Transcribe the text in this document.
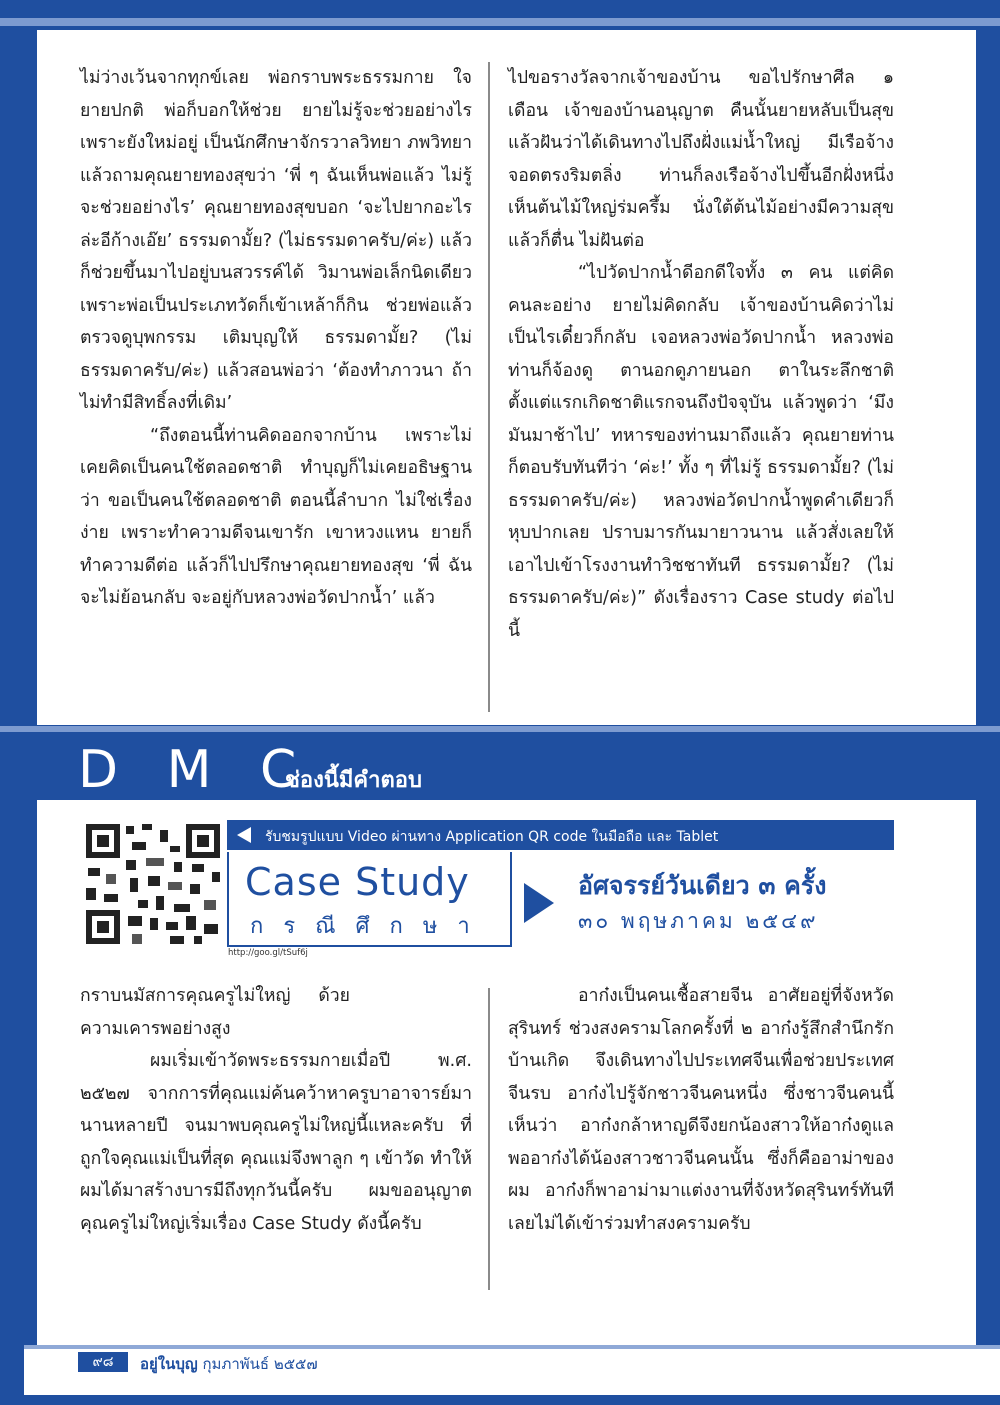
ไม่ว่างเว้นจากทุกข์เลย พ่อกราบพระธรรมกาย ใจยายปกติ พ่อก็บอกให้ช่วย ยายไม่รู้จะช่วยอย่างไรเพราะยังใหม่อยู่ เป็นนักศึกษาจักรวาลวิทยา ภพวิทยา แล้วถามคุณยายทองสุขว่า ‘พี่ ๆ ฉันเห็นพ่อแล้ว ไม่รู้จะช่วยอย่างไร’ คุณยายทองสุขบอก ‘จะไปยากอะไรล่ะอีก้างเอ๊ย’ ธรรมดามั้ย? (ไม่ธรรมดาครับ/ค่ะ) แล้วก็ช่วยขึ้นมาไปอยู่บนสวรรค์ได้ วิมานพ่อเล็กนิดเดียว เพราะพ่อเป็นประเภทวัดก็เข้าเหล้าก็กิน ช่วยพ่อแล้วตรวจดูบุพกรรม เติมบุญให้ ธรรมดามั้ย? (ไม่ธรรมดาครับ/ค่ะ) แล้วสอนพ่อว่า ‘ต้องทำภาวนา ถ้าไม่ทำมีสิทธิ์ลงที่เดิม’

“ถึงตอนนี้ท่านคิดออกจากบ้าน เพราะไม่เคยคิดเป็นคนใช้ตลอดชาติ ทำบุญก็ไม่เคยอธิษฐานว่า ขอเป็นคนใช้ตลอดชาติ ตอนนี้ลำบาก ไม่ใช่เรื่องง่าย เพราะทำความดีจนเขารัก เขาหวงแหน ยายก็ทำความดีต่อ แล้วก็ไปปรึกษาคุณยายทองสุข ‘พี่ ฉันจะไม่ย้อนกลับ จะอยู่กับหลวงพ่อวัดปากน้ำ’ แล้ว

ไปขอรางวัลจากเจ้าของบ้าน ขอไปรักษาศีล ๑ เดือน เจ้าของบ้านอนุญาต คืนนั้นยายหลับเป็นสุข แล้วฝันว่าได้เดินทางไปถึงฝั่งแม่น้ำใหญ่ มีเรือจ้างจอดตรงริมตลิ่ง ท่านก็ลงเรือจ้างไปขึ้นอีกฝั่งหนึ่ง เห็นต้นไม้ใหญ่ร่มครึ้ม นั่งใต้ต้นไม้อย่างมีความสุขแล้วก็ตื่น ไม่ฝันต่อ

“ไปวัดปากน้ำดีอกดีใจทั้ง ๓ คน แต่คิดคนละอย่าง ยายไม่คิดกลับ เจ้าของบ้านคิดว่าไม่เป็นไรเดี๋ยวก็กลับ เจอหลวงพ่อวัดปากน้ำ หลวงพ่อท่านก็จ้องดู ตานอกดูภายนอก ตาในระลึกชาติ ตั้งแต่แรกเกิดชาติแรกจนถึงปัจจุบัน แล้วพูดว่า ‘มึงมันมาช้าไป’ ทหารของท่านมาถึงแล้ว คุณยายท่านก็ตอบรับทันทีว่า ‘ค่ะ!’ ทั้ง ๆ ที่ไม่รู้ ธรรมดามั้ย? (ไม่ธรรมดาครับ/ค่ะ) หลวงพ่อวัดปากน้ำพูดคำเดียวก็หุบปากเลย ปราบมารกันมายาวนาน แล้วสั่งเลยให้เอาไปเข้าโรงงานทำวิชชาทันที ธรรมดามั้ย? (ไม่ธรรมดาครับ/ค่ะ)” ดังเรื่องราว Case study ต่อไปนี้

D M C
ช่องนี้มีคำตอบ
http://goo.gl/tSuf6j
รับชมรูปแบบ Video ผ่านทาง Application QR code ในมือถือ และ Tablet
Case Study
กรณีศึกษา
อัศจรรย์วันเดียว ๓ ครั้ง
๓๐ พฤษภาคม ๒๕๔๙

กราบนมัสการคุณครูไม่ใหญ่ ด้วยความเคารพอย่างสูง

ผมเริ่มเข้าวัดพระธรรมกายเมื่อปี พ.ศ. ๒๕๒๗ จากการที่คุณแม่ค้นคว้าหาครูบาอาจารย์มานานหลายปี จนมาพบคุณครูไม่ใหญ่นี้แหละครับ ที่ถูกใจคุณแม่เป็นที่สุด คุณแม่จึงพาลูก ๆ เข้าวัด ทำให้ผมได้มาสร้างบารมีถึงทุกวันนี้ครับ ผมขออนุญาตคุณครูไม่ใหญ่เริ่มเรื่อง Case Study ดังนี้ครับ

อาก๋งเป็นคนเชื้อสายจีน อาศัยอยู่ที่จังหวัดสุรินทร์ ช่วงสงครามโลกครั้งที่ ๒ อาก๋งรู้สึกสำนึกรักบ้านเกิด จึงเดินทางไปประเทศจีนเพื่อช่วยประเทศจีนรบ อาก๋งไปรู้จักชาวจีนคนหนึ่ง ซึ่งชาวจีนคนนี้เห็นว่า อาก๋งกล้าหาญดีจึงยกน้องสาวให้อาก๋งดูแล พออาก๋งได้น้องสาวชาวจีนคนนั้น ซึ่งก็คืออาม่าของผม อาก๋งก็พาอาม่ามาแต่งงานที่จังหวัดสุรินทร์ทันที เลยไม่ได้เข้าร่วมทำสงครามครับ

๙๘	อยู่ในบุญ กุมภาพันธ์ ๒๕๕๗
